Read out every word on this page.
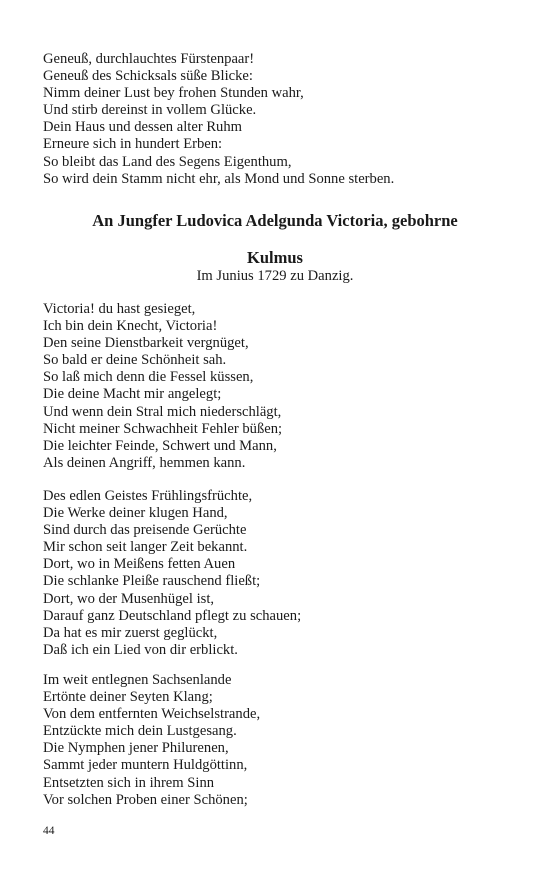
Geneuß, durchlauchtes Fürstenpaar!
Geneuß des Schicksals süße Blicke:
Nimm deiner Lust bey frohen Stunden wahr,
Und stirb dereinst in vollem Glücke.
Dein Haus und dessen alter Ruhm
Erneure sich in hundert Erben:
So bleibt das Land des Segens Eigenthum,
So wird dein Stamm nicht ehr, als Mond und Sonne sterben.
An Jungfer Ludovica Adelgunda Victoria, gebohrne
Kulmus
Im Junius 1729 zu Danzig.
Victoria! du hast gesieget,
Ich bin dein Knecht, Victoria!
Den seine Dienstbarkeit vergnüget,
So bald er deine Schönheit sah.
So laß mich denn die Fessel küssen,
Die deine Macht mir angelegt;
Und wenn dein Stral mich niederschlägt,
Nicht meiner Schwachheit Fehler büßen;
Die leichter Feinde, Schwert und Mann,
Als deinen Angriff, hemmen kann.
Des edlen Geistes Frühlingsfrüchte,
Die Werke deiner klugen Hand,
Sind durch das preisende Gerüchte
Mir schon seit langer Zeit bekannt.
Dort, wo in Meißens fetten Auen
Die schlanke Pleiße rauschend fließt;
Dort, wo der Musenhügel ist,
Darauf ganz Deutschland pflegt zu schauen;
Da hat es mir zuerst geglückt,
Daß ich ein Lied von dir erblickt.
Im weit entlegnen Sachsenlande
Ertönte deiner Seyten Klang;
Von dem entfernten Weichselstrande,
Entzückte mich dein Lustgesang.
Die Nymphen jener Philurenen,
Sammt jeder muntern Huldgöttinn,
Entsetzten sich in ihrem Sinn
Vor solchen Proben einer Schönen;
44
